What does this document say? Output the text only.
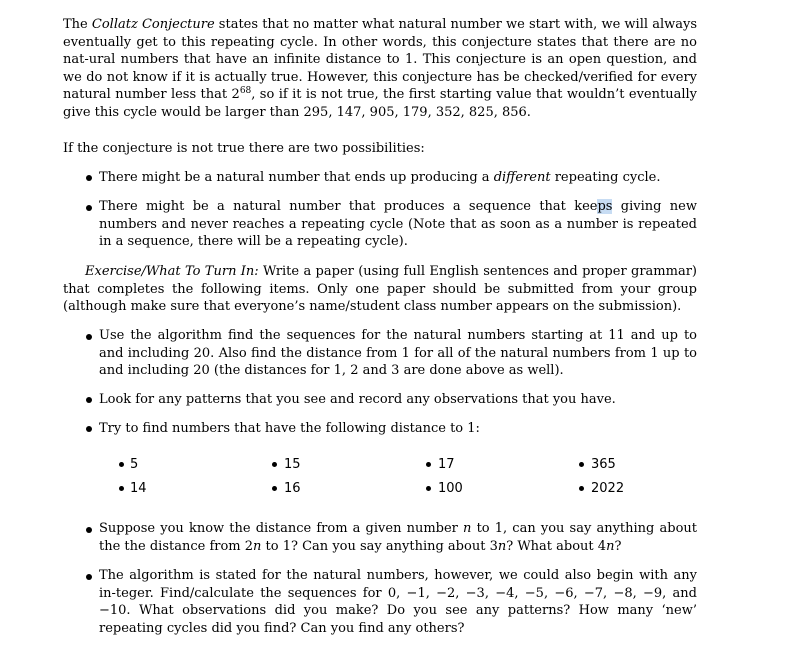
The Collatz Conjecture states that no matter what natural number we start with, we will always eventually get to this repeating cycle. In other words, this conjecture states that there are no nat-ural numbers that have an infinite distance to 1. This conjecture is an open question, and we do not know if it is actually true. However, this conjecture has be checked/verified for every natural number less that $2^{68}$, so if it is not true, the first starting value that wouldn’t eventually give this cycle would be larger than 295, 147, 905, 179, 352, 825, 856.

If the conjecture is not true there are two possibilities:

There might be a natural number that ends up producing a different repeating cycle.

There might be a natural number that produces a sequence that keeps giving new numbers and never reaches a repeating cycle (Note that as soon as a number is repeated in a sequence, there will be a repeating cycle).

Exercise/What To Turn In: Write a paper (using full English sentences and proper grammar) that completes the following items. Only one paper should be submitted from your group (although make sure that everyone’s name/student class number appears on the submission).

Use the algorithm find the sequences for the natural numbers starting at 11 and up to and including 20. Also find the distance from 1 for all of the natural numbers from 1 up to and including 20 (the distances for 1, 2 and 3 are done above as well).

Look for any patterns that you see and record any observations that you have.

Try to find numbers that have the following distance to 1:

5	15	17	365
14	16	100	2022

Suppose you know the distance from a given number n to 1, can you say anything about the the distance from 2n to 1? Can you say anything about 3n? What about 4n?

The algorithm is stated for the natural numbers, however, we could also begin with any in-teger. Find/calculate the sequences for 0, −1, −2, −3, −4, −5, −6, −7, −8, −9, and −10. What observations did you make? Do you see any patterns? How many ‘new’ repeating cycles did you find? Can you find any others?
